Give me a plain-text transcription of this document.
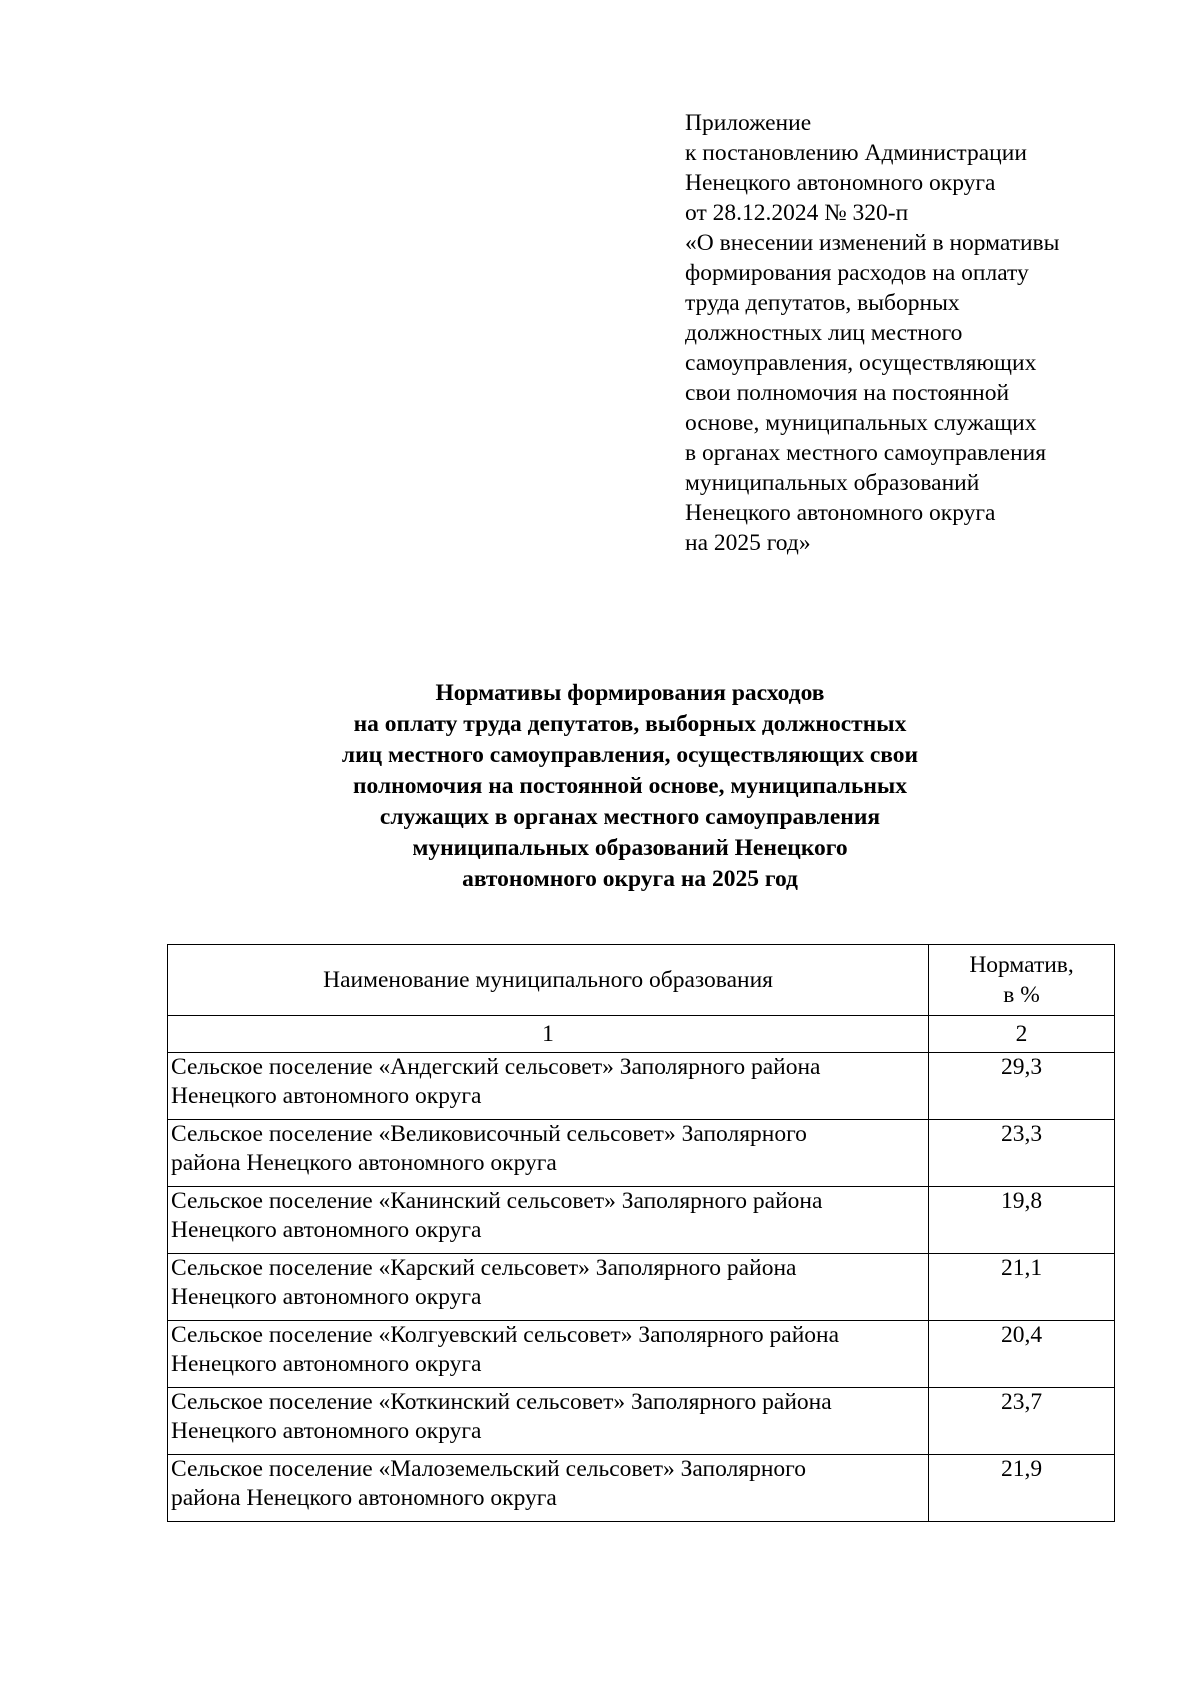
Приложение
к постановлению Администрации
Ненецкого автономного округа
от 28.12.2024 № 320-п
«О внесении изменений в нормативы
формирования расходов на оплату
труда депутатов, выборных
должностных лиц местного
самоуправления, осуществляющих
свои полномочия на постоянной
основе, муниципальных служащих
в органах местного самоуправления
муниципальных образований
Ненецкого автономного округа
на 2025 год»
Нормативы формирования расходов
на оплату труда депутатов, выборных должностных
лиц местного самоуправления, осуществляющих свои
полномочия на постоянной основе, муниципальных
служащих в органах местного самоуправления
муниципальных образований Ненецкого
автономного округа на 2025 год
Наименование муниципального образования	Норматив,
в %

1	2

Сельское поселение «Андегский сельсовет» Заполярного района
Ненецкого автономного округа	29,3

Сельское поселение «Великовисочный сельсовет» Заполярного
района Ненецкого автономного округа	23,3

Сельское поселение «Канинский сельсовет» Заполярного района
Ненецкого автономного округа	19,8

Сельское поселение «Карский сельсовет» Заполярного района
Ненецкого автономного округа	21,1

Сельское поселение «Колгуевский сельсовет» Заполярного района
Ненецкого автономного округа	20,4

Сельское поселение «Коткинский сельсовет» Заполярного района
Ненецкого автономного округа	23,7

Сельское поселение «Малоземельский сельсовет» Заполярного
района Ненецкого автономного округа	21,9
